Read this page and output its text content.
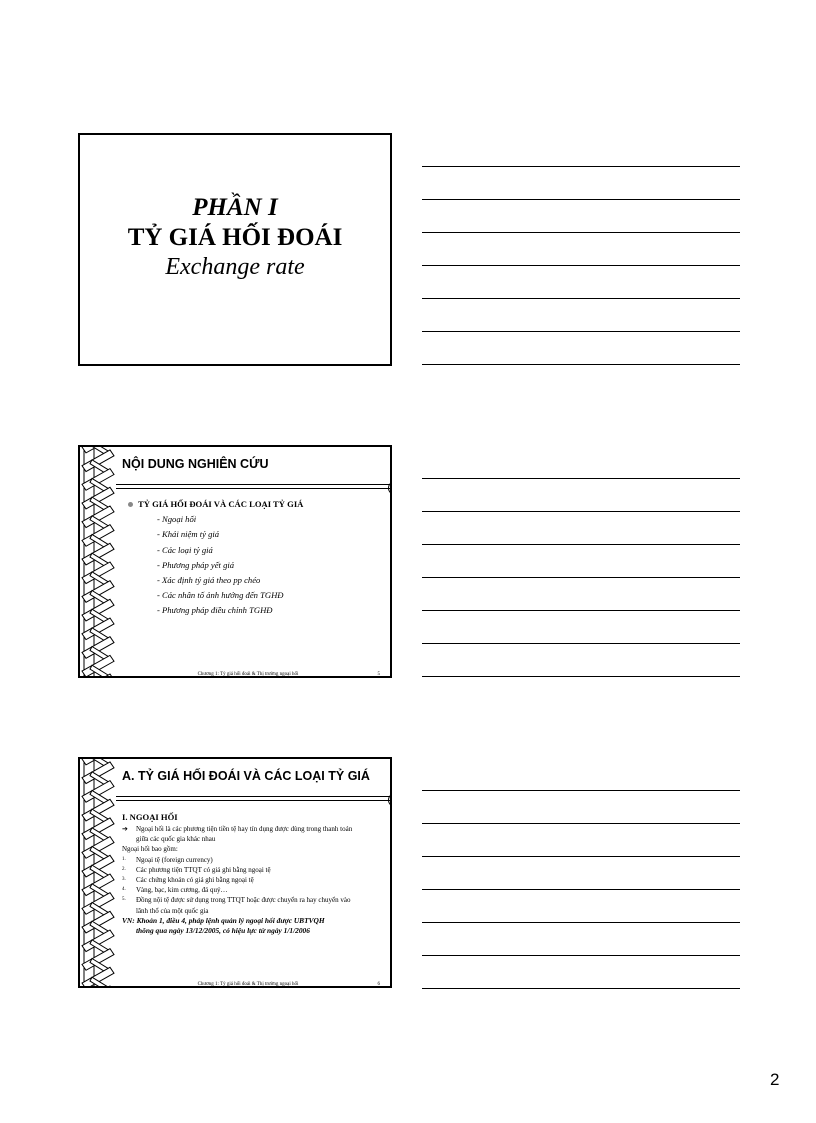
PHẦN I
TỶ GIÁ HỐI ĐOÁI
Exchange rate
NỘI DUNG NGHIÊN CỨU
TỶ GIÁ HỐI ĐOÁI VÀ CÁC LOẠI TỶ GIÁ
- Ngoại hối
- Khái niệm tỷ giá
- Các loại tỷ giá
- Phương pháp yết giá
- Xác định tỷ giá theo pp chéo
- Các nhân tố ảnh hưởng đến TGHĐ
- Phương pháp điều chỉnh TGHĐ
Chương 1: Tỷ giá hối đoái & Thị trường ngoại hối	5
A. TỶ GIÁ HỐI ĐOÁI VÀ CÁC LOẠI TỶ GIÁ
I. NGOẠI HỐI
➔ Ngoại hối là các phương tiện tiền tệ hay tín dụng được dùng trong thanh toán
giữa các quốc gia khác nhau
Ngoại hối bao gồm:
1. Ngoại tệ (foreign currency)
2. Các phương tiện TTQT có giá ghi bằng ngoại tệ
3. Các chứng khoán có giá ghi bằng ngoại tệ
4. Vàng, bạc, kim cương, đá quý…
5. Đồng nội tệ được sử dụng trong TTQT hoặc được chuyển ra hay chuyển vào
lãnh thổ của một quốc gia
VN: Khoản 1, điều 4, pháp lệnh quản lý ngoại hối được UBTVQH
thông qua ngày 13/12/2005, có hiệu lực từ ngày 1/1/2006
Chương 1: Tỷ giá hối đoái & Thị trường ngoại hối	6
2
